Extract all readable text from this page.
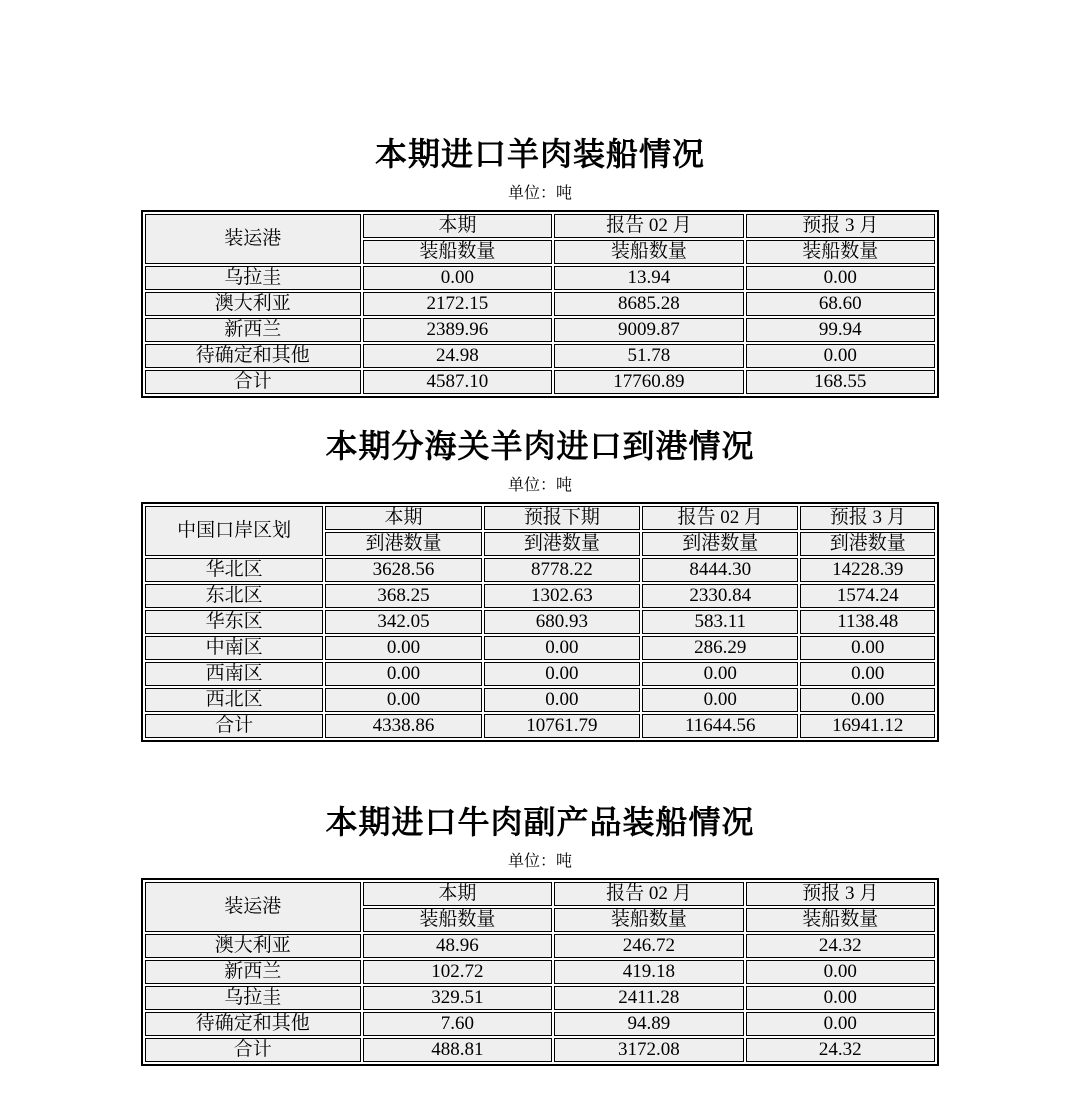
本期进口羊肉装船情况
单位：吨
装运港	本期	报告 02 月	预报 3 月
	装船数量	装船数量	装船数量
乌拉圭	0.00	13.94	0.00
澳大利亚	2172.15	8685.28	68.60
新西兰	2389.96	9009.87	99.94
待确定和其他	24.98	51.78	0.00
合计	4587.10	17760.89	168.55
本期分海关羊肉进口到港情况
单位：吨
中国口岸区划	本期	预报下期	报告 02 月	预报 3 月
	到港数量	到港数量	到港数量	到港数量
华北区	3628.56	8778.22	8444.30	14228.39
东北区	368.25	1302.63	2330.84	1574.24
华东区	342.05	680.93	583.11	1138.48
中南区	0.00	0.00	286.29	0.00
西南区	0.00	0.00	0.00	0.00
西北区	0.00	0.00	0.00	0.00
合计	4338.86	10761.79	11644.56	16941.12
本期进口牛肉副产品装船情况
单位：吨
装运港	本期	报告 02 月	预报 3 月
	装船数量	装船数量	装船数量
澳大利亚	48.96	246.72	24.32
新西兰	102.72	419.18	0.00
乌拉圭	329.51	2411.28	0.00
待确定和其他	7.60	94.89	0.00
合计	488.81	3172.08	24.32
